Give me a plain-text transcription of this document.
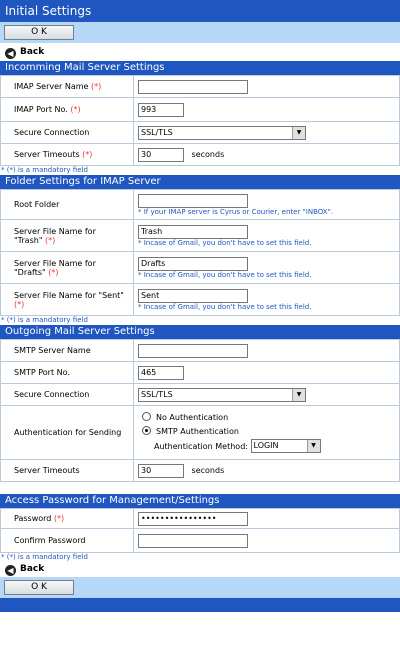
Initial Settings
O K
◀ Back
Incomming Mail Server Settings
IMAP Server Name (*)	
IMAP Port No. (*)	993
Secure Connection	SSL/TLS ▼

Server Timeouts (*)	30seconds
* (*) is a mandatory field
Folder Settings for IMAP Server
Root Folder	* If your IMAP server is Cyrus or Courier, enter "INBOX".

Server File Name for
"Trash" (*)	Trash
* Incase of Gmail, you don't have to set this field.

Server File Name for
"Drafts" (*)	Drafts
* Incase of Gmail, you don't have to set this field.

Server File Name for "Sent"
(*)	Sent
* Incase of Gmail, you don't have to set this field.
* (*) is a mandatory field
Outgoing Mail Server Settings
SMTP Server Name	
SMTP Port No.	465
Secure Connection	SSL/TLS ▼

Authentication for Sending	No Authentication
SMTP Authentication
Authentication Method: LOGIN ▼

Server Timeouts	30seconds
Access Password for Management/Settings
Password (*)	••••••••••••••••
Confirm Password	
* (*) is a mandatory field
◀ Back
O K
